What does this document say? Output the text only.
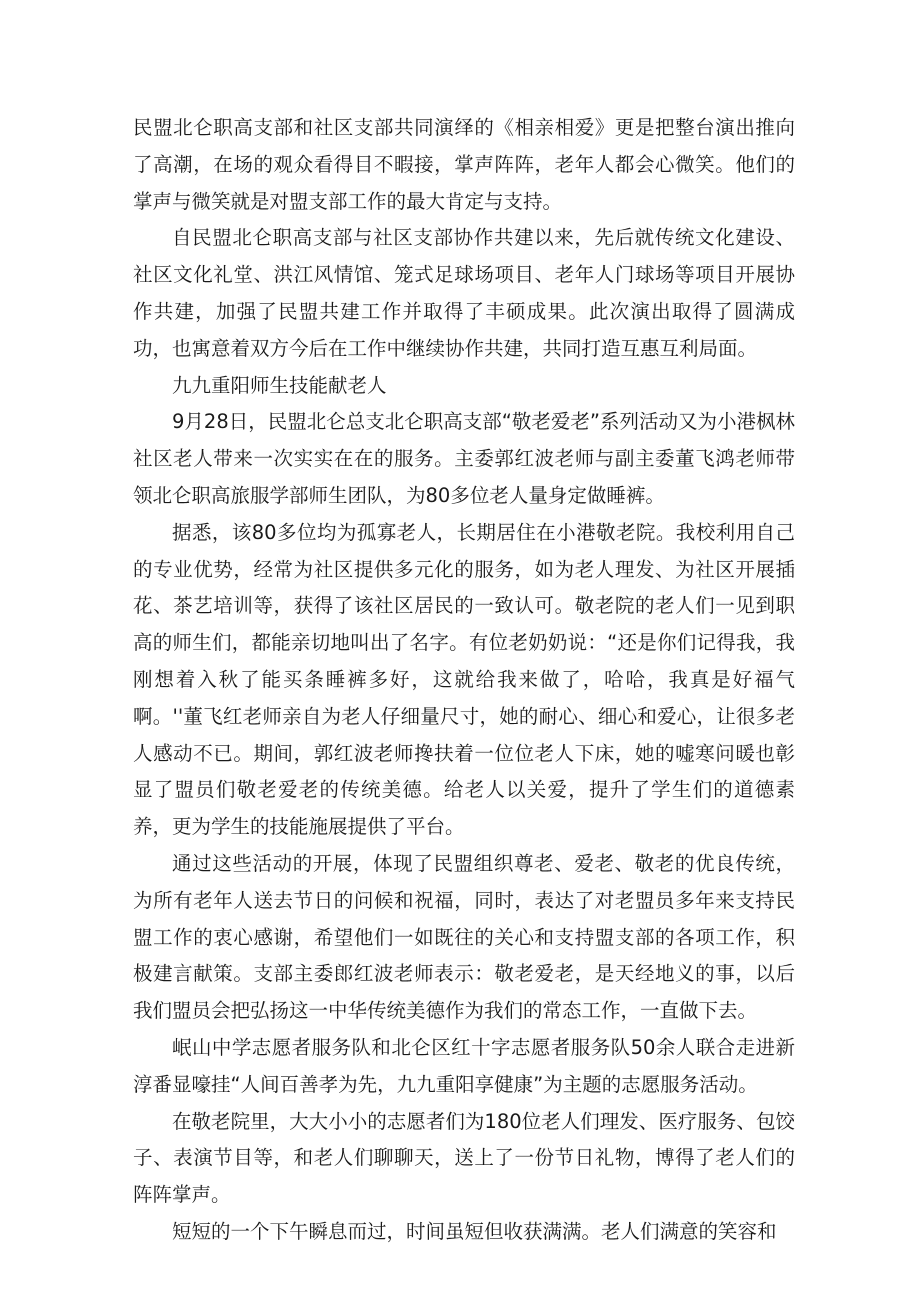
民盟北仑职高支部和社区支部共同演绎的《相亲相爱》更是把整台演出推向了高潮，在场的观众看得目不暇接，掌声阵阵，老年人都会心微笑。他们的掌声与微笑就是对盟支部工作的最大肯定与支持。

自民盟北仑职高支部与社区支部协作共建以来，先后就传统文化建设、社区文化礼堂、洪江风情馆、笼式足球场项目、老年人门球场等项目开展协作共建，加强了民盟共建工作并取得了丰硕成果。此次演出取得了圆满成功，也寓意着双方今后在工作中继续协作共建，共同打造互惠互利局面。

九九重阳师生技能献老人

9月28日，民盟北仑总支北仑职高支部“敬老爱老”系列活动又为小港枫林社区老人带来一次实实在在的服务。主委郭红波老师与副主委董飞鸿老师带领北仑职高旅服学部师生团队，为80多位老人量身定做睡裤。

据悉，该80多位均为孤寡老人，长期居住在小港敬老院。我校利用自己的专业优势，经常为社区提供多元化的服务，如为老人理发、为社区开展插花、茶艺培训等，获得了该社区居民的一致认可。敬老院的老人们一见到职高的师生们，都能亲切地叫出了名字。有位老奶奶说：“还是你们记得我，我刚想着入秋了能买条睡裤多好，这就给我来做了，哈哈，我真是好福气啊。''董飞红老师亲自为老人仔细量尺寸，她的耐心、细心和爱心，让很多老人感动不已。期间，郭红波老师搀扶着一位位老人下床，她的嘘寒问暖也彰显了盟员们敬老爱老的传统美德。给老人以关爱，提升了学生们的道德素养，更为学生的技能施展提供了平台。

通过这些活动的开展，体现了民盟组织尊老、爱老、敬老的优良传统，为所有老年人送去节日的问候和祝福，同时，表达了对老盟员多年来支持民盟工作的衷心感谢，希望他们一如既往的关心和支持盟支部的各项工作，积极建言献策。支部主委郎红波老师表示：敬老爱老，是天经地义的事，以后我们盟员会把弘扬这一中华传统美德作为我们的常态工作，一直做下去。

岷山中学志愿者服务队和北仑区红十字志愿者服务队50余人联合走进新淳番显嚎挂“人间百善孝为先，九九重阳享健康”为主题的志愿服务活动。

在敬老院里，大大小小的志愿者们为180位老人们理发、医疗服务、包饺子、表演节目等，和老人们聊聊天，送上了一份节日礼物，博得了老人们的阵阵掌声。

短短的一个下午瞬息而过，时间虽短但收获满满。老人们满意的笑容和
